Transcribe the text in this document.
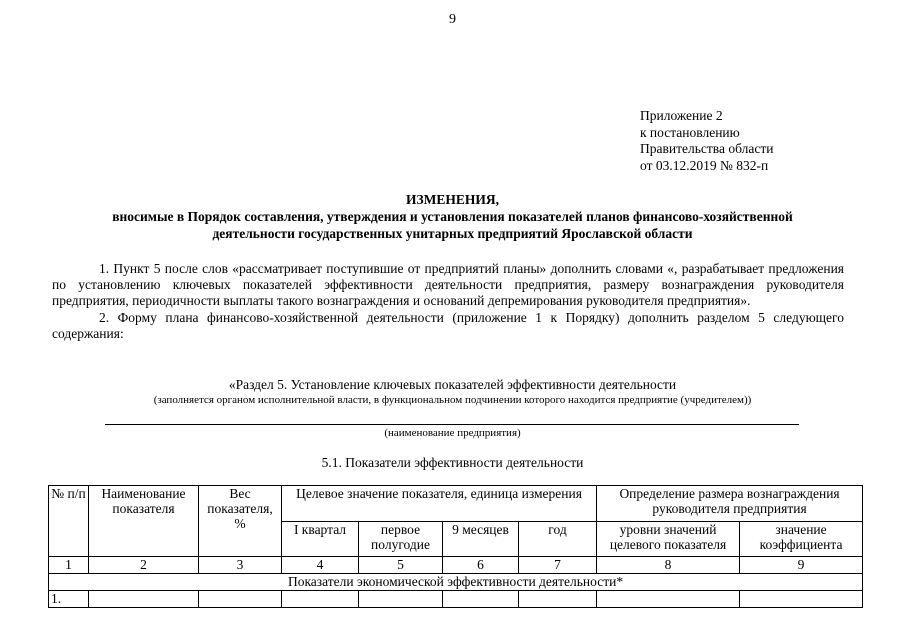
9
Приложение 2
к постановлению
Правительства области
от 03.12.2019 № 832-п
ИЗМЕНЕНИЯ,
вносимые в Порядок составления, утверждения и установления показателей планов финансово-хозяйственной
деятельности государственных унитарных предприятий Ярославской области

1. Пункт 5 после слов «рассматривает поступившие от предприятий планы» дополнить словами «, разрабатывает предложения по установлению ключевых показателей эффективности деятельности предприятия, размеру вознаграждения руководителя предприятия, периодичности выплаты такого вознаграждения и оснований депремирования руководителя предприятия».

2. Форму плана финансово-хозяйственной деятельности (приложение 1 к Порядку) дополнить разделом 5 следующего содержания:

«Раздел 5. Установление ключевых показателей эффективности деятельности
(заполняется органом исполнительной власти, в функциональном подчинении которого находится предприятие (учредителем))
(наименование предприятия)
5.1. Показатели эффективности деятельности
№ п/п	Наименование показателя	Вес показателя, %	Целевое значение показателя, единица измерения				Определение размера вознаграждения руководителя предприятия	
			I квартал	первое полугодие	9 месяцев	год	уровни значений целевого показателя	значение коэффициента
1	2	3	4	5	6	7	8	9
Показатели экономической эффективности деятельности*								
1.								
